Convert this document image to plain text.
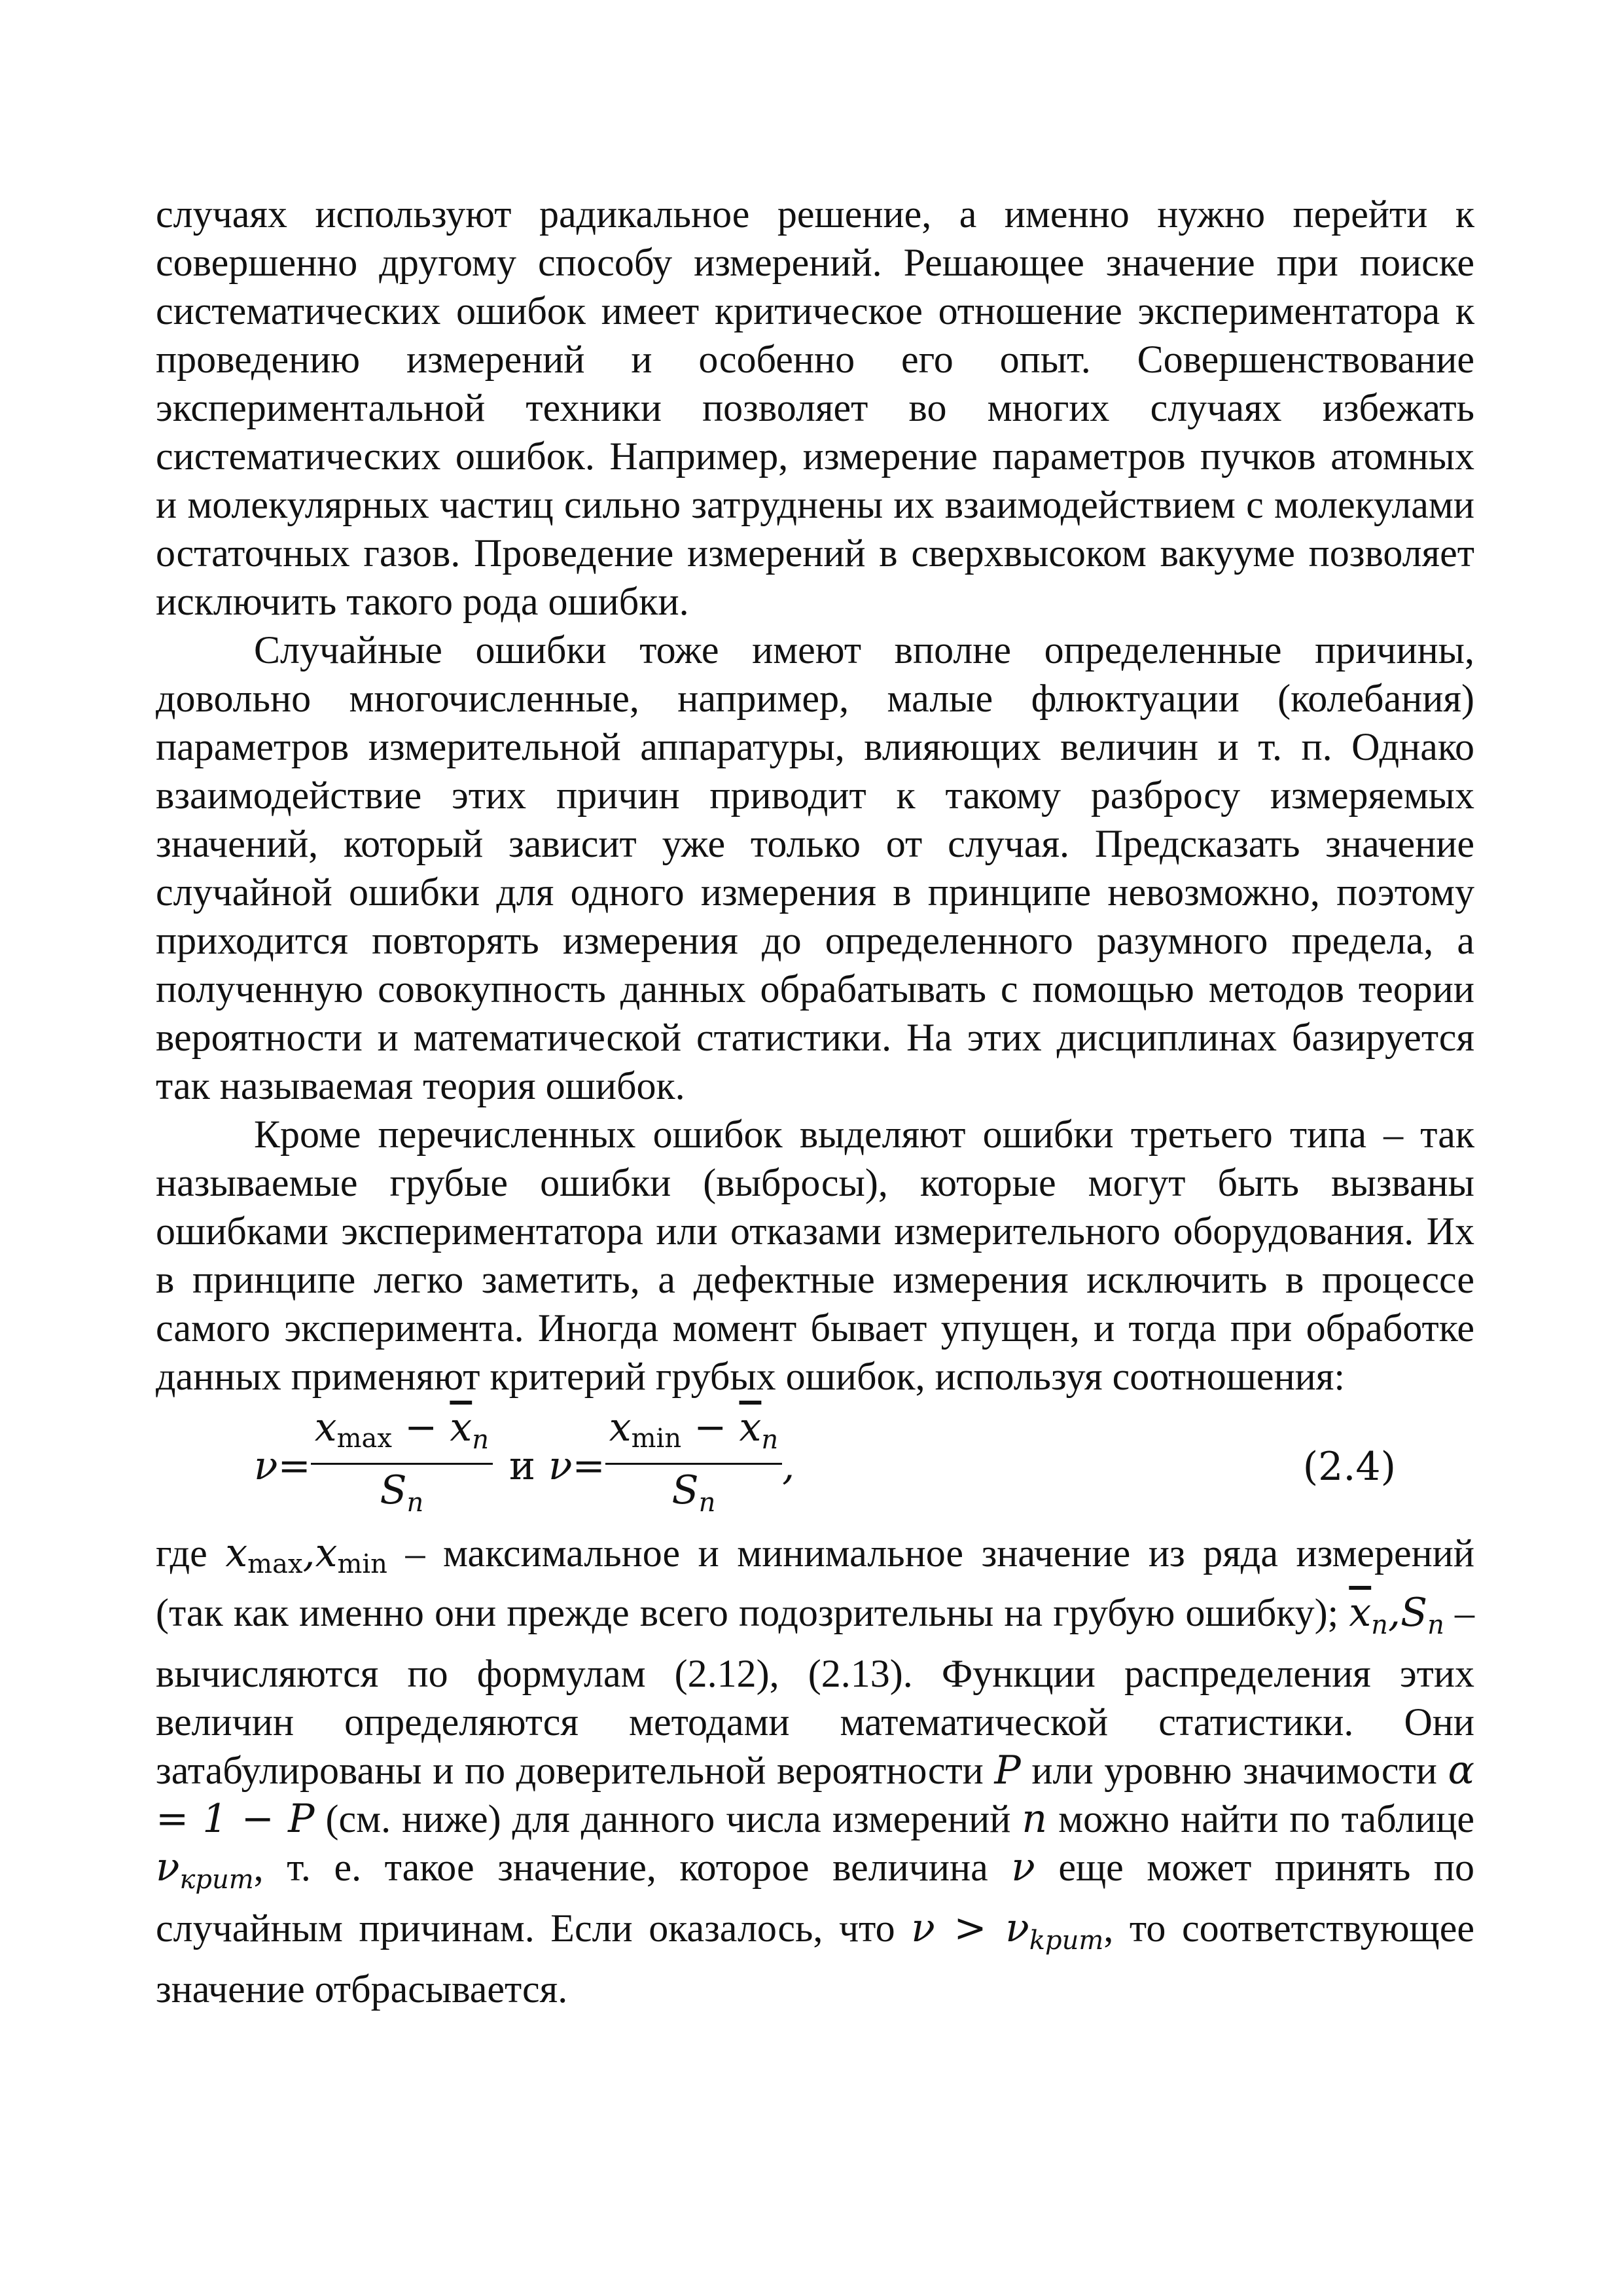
случаях используют радикальное решение, а именно нужно перейти к совершенно другому способу измерений. Решающее значение при поиске систематических ошибок имеет критическое отношение экспериментатора к проведению измерений и особенно его опыт. Совершенствование экспериментальной техники позволяет во многих случаях избежать систематических ошибок. Например, измерение параметров пучков атомных и молекулярных частиц сильно затруднены их взаимодействием с молекулами остаточных газов. Проведение измерений в сверхвысоком вакууме позволяет исключить такого рода ошибки.

Случайные ошибки тоже имеют вполне определенные причины, довольно многочисленные, например, малые флюктуации (колебания) параметров измерительной аппаратуры, влияющих величин и т. п. Однако взаимодействие этих причин приводит к такому разбросу измеряемых значений, который зависит уже только от случая. Предсказать значение случайной ошибки для одного измерения в принципе невозможно, поэтому приходится повторять измерения до определенного разумного предела, а полученную совокупность данных обрабатывать с помощью методов теории вероятности и математической статистики. На этих дисциплинах базируется так называемая теория ошибок.

Кроме перечисленных ошибок выделяют ошибки третьего типа – так называемые грубые ошибки (выбросы), которые могут быть вызваны ошибками экспериментатора или отказами измерительного оборудования. Их в принципе легко заметить, а дефектные измерения исключить в процессе самого эксперимента. Иногда момент бывает упущен, и тогда при обработке данных применяют критерий грубых ошибок, используя соотношения:

$\nu = \frac{xmax - \overline{x}_n}{S_n}$ и $\nu = \frac{xmin - \overline{x}_n}{S_n}$ ,	(2.4)

где xmax,xmin – максимальное и минимальное значение из ряда измерений (так как именно они прежде всего подозрительны на грубую ошибку); $\overline{x}_n,S_n$ – вычисляются по формулам (2.12), (2.13). Функции распределения этих величин определяются методами математической статистики. Они затабулированы и по доверительной вероятности P или уровню значимости α = 1 − P (см. ниже) для данного числа измерений n можно найти по таблице $\nu_{крит}$, т. е. такое значение, которое величина ν еще может принять по случайным причинам. Если оказалось, что $\nu > \nu_{kpum}$, то соответствующее значение отбрасывается.
